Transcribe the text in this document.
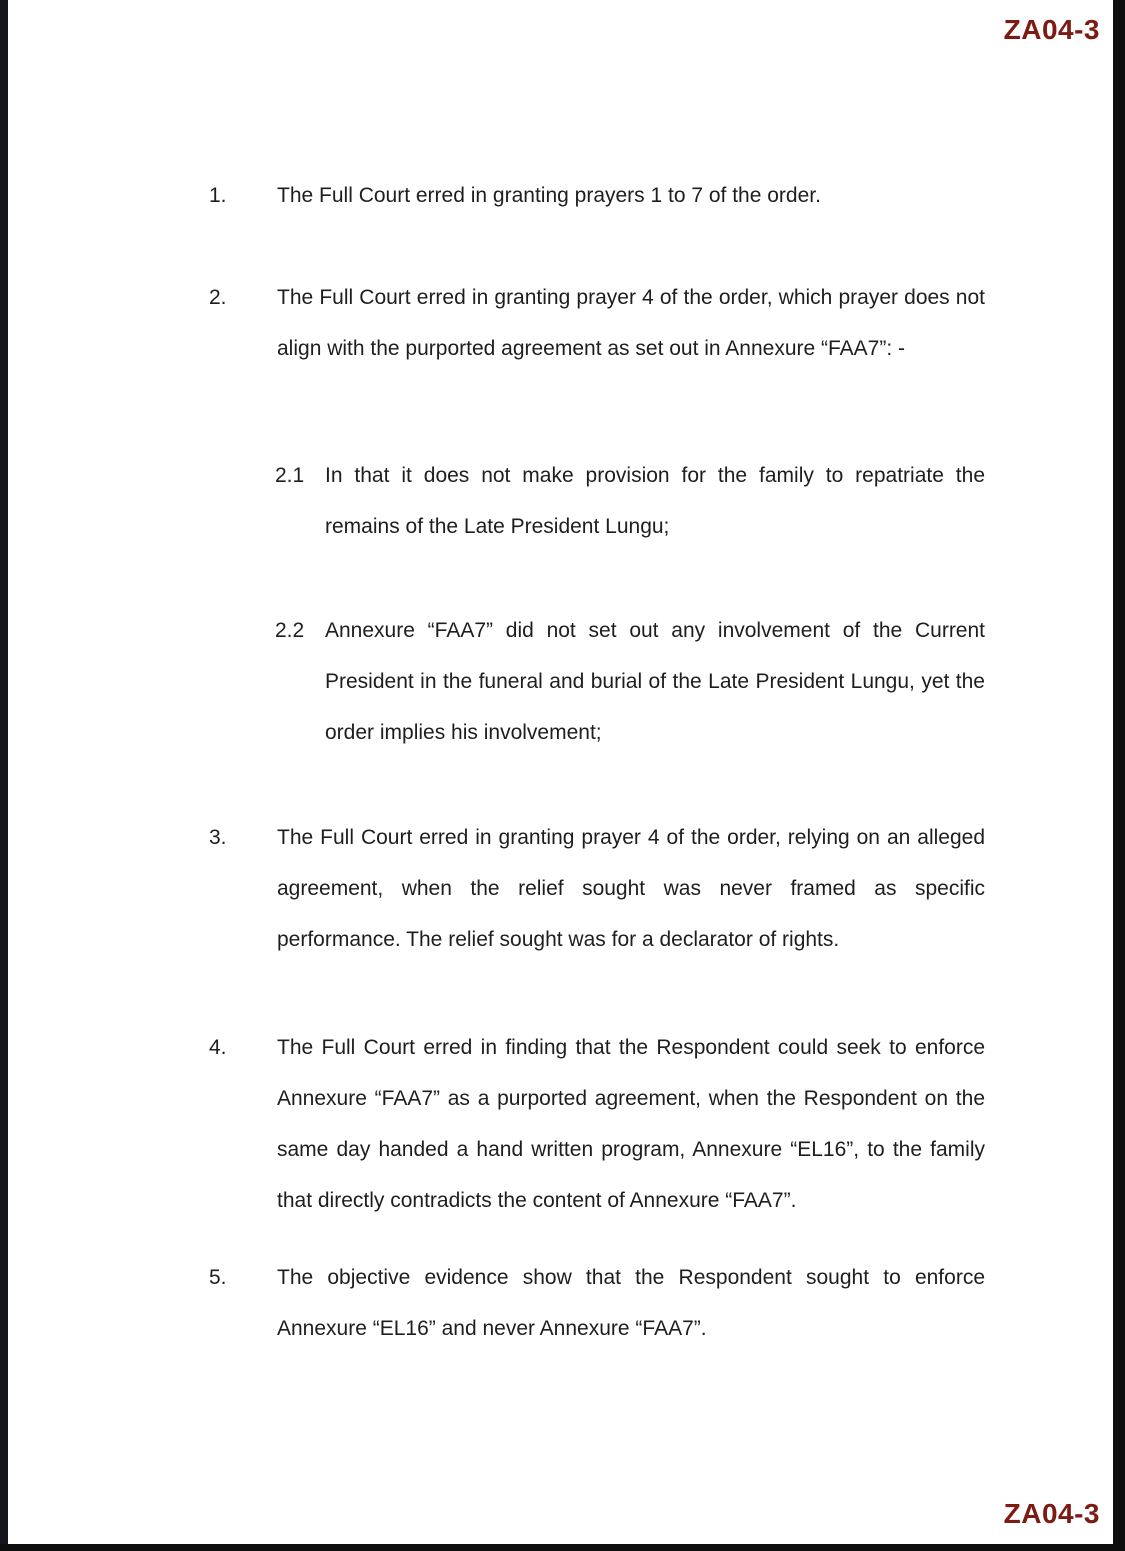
ZA04-3
1.	The Full Court erred in granting prayers 1 to 7 of the order.
2.	The Full Court erred in granting prayer 4 of the order, which prayer does not align with the purported agreement as set out in Annexure “FAA7”: -
2.1 In that it does not make provision for the family to repatriate the remains of the Late President Lungu;
2.2 Annexure “FAA7” did not set out any involvement of the Current President in the funeral and burial of the Late President Lungu, yet the order implies his involvement;
3.	The Full Court erred in granting prayer 4 of the order, relying on an alleged agreement, when the relief sought was never framed as specific performance. The relief sought was for a declarator of rights.
4.	The Full Court erred in finding that the Respondent could seek to enforce Annexure “FAA7” as a purported agreement, when the Respondent on the same day handed a hand written program, Annexure “EL16”, to the family that directly contradicts the content of Annexure “FAA7”.
5.	The objective evidence show that the Respondent sought to enforce Annexure “EL16” and never Annexure “FAA7”.
ZA04-3
